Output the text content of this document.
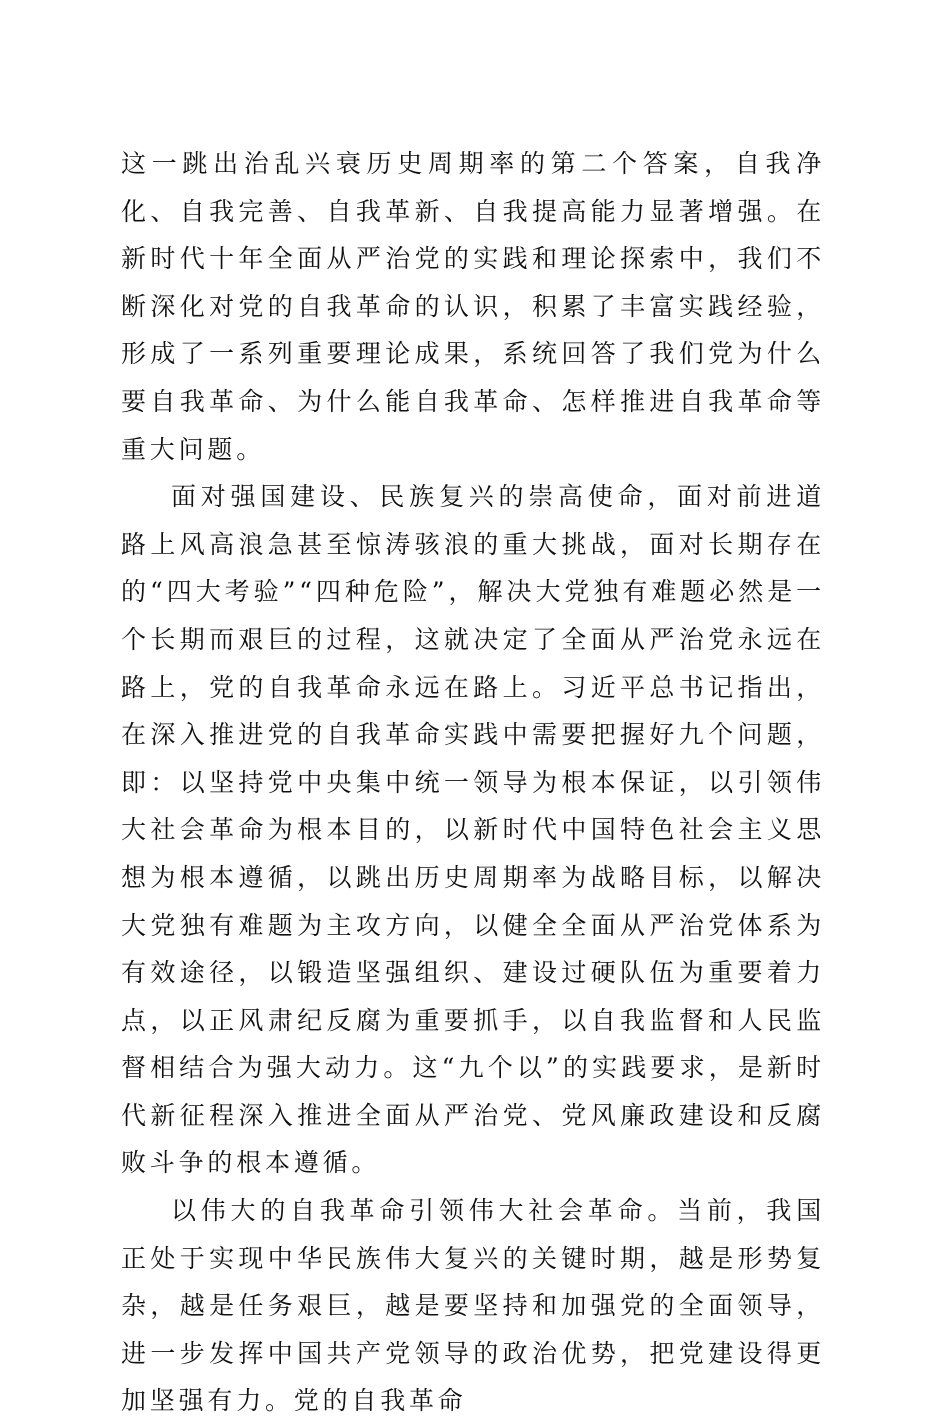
这一跳出治乱兴衰历史周期率的第二个答案，自我净化、自我完善、自我革新、自我提高能力显著增强。在新时代十年全面从严治党的实践和理论探索中，我们不断深化对党的自我革命的认识，积累了丰富实践经验，形成了一系列重要理论成果，系统回答了我们党为什么要自我革命、为什么能自我革命、怎样推进自我革命等重大问题。

面对强国建设、民族复兴的崇高使命，面对前进道路上风高浪急甚至惊涛骇浪的重大挑战，面对长期存在的“四大考验”“四种危险”，解决大党独有难题必然是一个长期而艰巨的过程，这就决定了全面从严治党永远在路上，党的自我革命永远在路上。习近平总书记指出，在深入推进党的自我革命实践中需要把握好九个问题，即：以坚持党中央集中统一领导为根本保证，以引领伟大社会革命为根本目的，以新时代中国特色社会主义思想为根本遵循，以跳出历史周期率为战略目标，以解决大党独有难题为主攻方向，以健全全面从严治党体系为有效途径，以锻造坚强组织、建设过硬队伍为重要着力点，以正风肃纪反腐为重要抓手，以自我监督和人民监督相结合为强大动力。这“九个以”的实践要求，是新时代新征程深入推进全面从严治党、党风廉政建设和反腐败斗争的根本遵循。

以伟大的自我革命引领伟大社会革命。当前，我国正处于实现中华民族伟大复兴的关键时期，越是形势复杂，越是任务艰巨，越是要坚持和加强党的全面领导，进一步发挥中国共产党领导的政治优势，把党建设得更加坚强有力。党的自我革命
